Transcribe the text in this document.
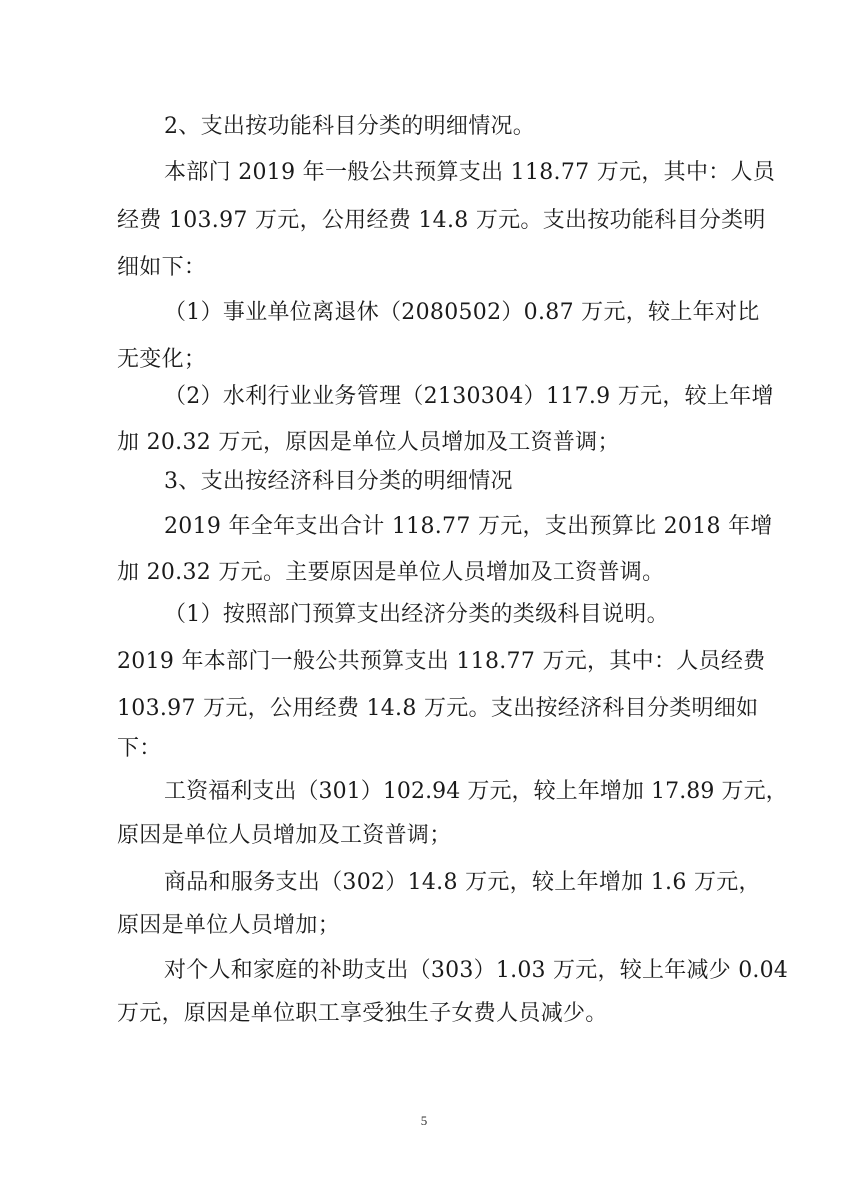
2、支出按功能科目分类的明细情况。
本部门 2019 年一般公共预算支出 118.77 万元，其中：人员
经费 103.97 万元，公用经费 14.8 万元。支出按功能科目分类明
细如下：
（1）事业单位离退休（2080502）0.87 万元，较上年对比
无变化；
（2）水利行业业务管理（2130304）117.9 万元，较上年增
加 20.32 万元，原因是单位人员增加及工资普调；
3、支出按经济科目分类的明细情况
2019 年全年支出合计 118.77 万元，支出预算比 2018 年增
加 20.32 万元。主要原因是单位人员增加及工资普调。
（1）按照部门预算支出经济分类的类级科目说明。
2019 年本部门一般公共预算支出 118.77 万元，其中：人员经费
103.97 万元，公用经费 14.8 万元。支出按经济科目分类明细如
下：
工资福利支出（301）102.94 万元，较上年增加 17.89 万元，
原因是单位人员增加及工资普调；
商品和服务支出（302）14.8 万元，较上年增加 1.6 万元，
原因是单位人员增加；
对个人和家庭的补助支出（303）1.03 万元，较上年减少 0.04
万元，原因是单位职工享受独生子女费人员减少。
5
